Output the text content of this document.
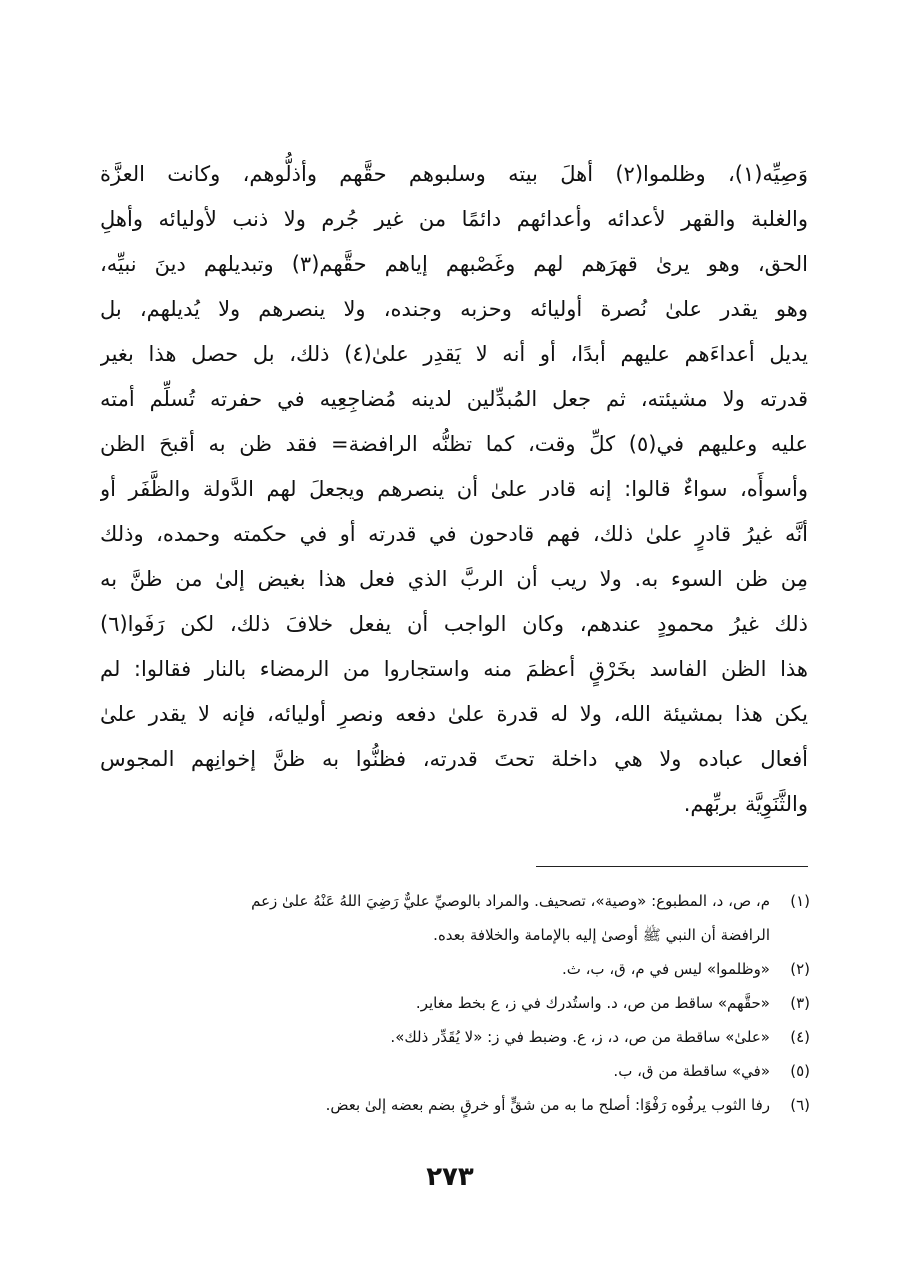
وَصِيِّه(١)، وظلموا(٢) أهلَ بيته وسلبوهم حقَّهم وأذلُّوهم، وكانت العزَّة
والغلبة والقهر لأعدائه وأعدائهم دائمًا من غير جُرم ولا ذنب لأوليائه وأهلِ
الحق، وهو يرىٰ قهرَهم لهم وغَصْبهم إياهم حقَّهم(٣) وتبديلهم دينَ نبيِّه،
وهو يقدر علىٰ نُصرة أوليائه وحزبه وجنده، ولا ينصرهم ولا يُديلهم، بل
يديل أعداءَهم عليهم أبدًا، أو أنه لا يَقدِر علىٰ(٤) ذلك، بل حصل هذا بغير
قدرته ولا مشيئته، ثم جعل المُبدِّلين لدينه مُضاجِعِيه في حفرته تُسلِّم أمته
عليه وعليهم في(٥) كلِّ وقت، كما تظنُّه الرافضة= فقد ظن به أقبحَ الظن
وأسوأَه، سواءٌ قالوا: إنه قادر علىٰ أن ينصرهم ويجعلَ لهم الدَّولة والظَّفَر أو
أنَّه غيرُ قادرٍ علىٰ ذلك، فهم قادحون في قدرته أو في حكمته وحمده، وذلك
مِن ظن السوء به. ولا ريب أن الربَّ الذي فعل هذا بغيض إلىٰ من ظنَّ به
ذلك غيرُ محمودٍ عندهم، وكان الواجب أن يفعل خلافَ ذلك، لكن رَفَوا(٦)
هذا الظن الفاسد بخَرْقٍ أعظمَ منه واستجاروا من الرمضاء بالنار فقالوا: لم
يكن هذا بمشيئة الله، ولا له قدرة علىٰ دفعه ونصرِ أوليائه، فإنه لا يقدر علىٰ
أفعال عباده ولا هي داخلة تحتَ قدرته، فظنُّوا به ظنَّ إخوانِهم المجوس
والثَّنَوِيَّة بربِّهم.
(١)م، ص، د، المطبوع: «وصية»، تصحيف. والمراد بالوصيِّ عليٌّ رَضِيَ اللهُ عَنْهُ علىٰ زعم
الرافضة أن النبي ﷺ أوصىٰ إليه بالإمامة والخلافة بعده.
(٢)«وظلموا» ليس في م، ق، ب، ث.
(٣)«حقَّهم» ساقط من ص، د. واستُدرك في ز، ع بخط مغاير.
(٤)«علىٰ» ساقطة من ص، د، ز، ع. وضبط في ز: «لا يُقَدِّر ذلك».
(٥)«في» ساقطة من ق، ب.
(٦)رفا الثوب يرفُوه رَفْوًا: أصلح ما به من شقٍّ أو خرقٍ بضم بعضه إلىٰ بعض.
٢٧٣
